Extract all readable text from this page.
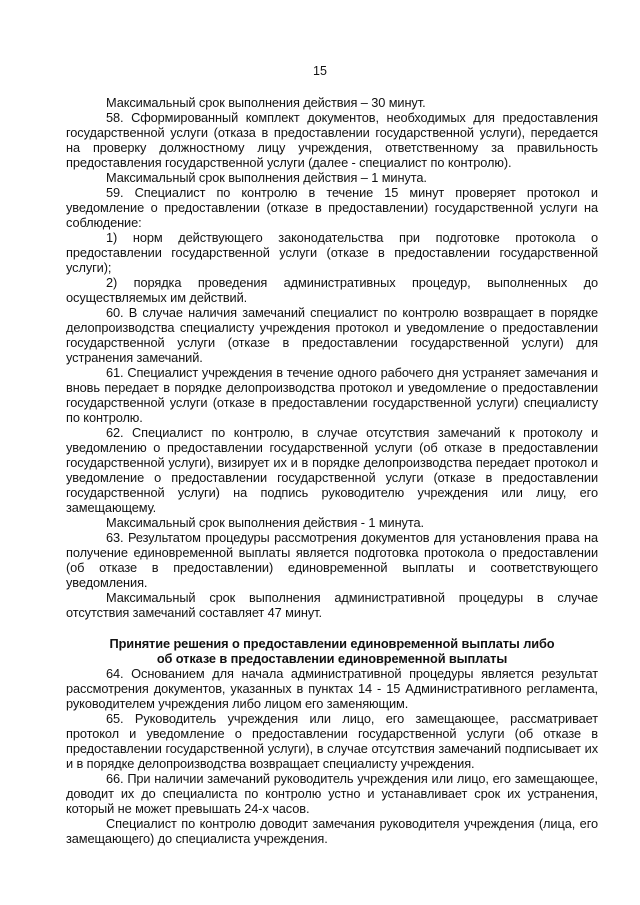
15

Максимальный срок выполнения действия – 30 минут.

58. Сформированный комплект документов, необходимых для предоставления государственной услуги (отказа в предоставлении государственной услуги), передается на проверку должностному лицу учреждения, ответственному за правильность предоставления государственной услуги (далее - специалист по контролю).

Максимальный срок выполнения действия – 1 минута.

59. Специалист по контролю в течение 15 минут проверяет протокол и уведомление о предоставлении (отказе в предоставлении) государственной услуги на соблюдение:

1) норм действующего законодательства при подготовке протокола о предоставлении государственной услуги (отказе в предоставлении государственной услуги);

2) порядка проведения административных процедур, выполненных до осуществляемых им действий.

60. В случае наличия замечаний специалист по контролю возвращает в порядке делопроизводства специалисту учреждения протокол и уведомление о предоставлении государственной услуги (отказе в предоставлении государственной услуги) для устранения замечаний.

61. Специалист учреждения в течение одного рабочего дня устраняет замечания и вновь передает в порядке делопроизводства протокол и уведомление о предоставлении государственной услуги (отказе в предоставлении государственной услуги) специалисту по контролю.

62. Специалист по контролю, в случае отсутствия замечаний к протоколу и уведомлению о предоставлении государственной услуги (об отказе в предоставлении государственной услуги), визирует их и в порядке делопроизводства передает протокол и уведомление о предоставлении государственной услуги (отказе в предоставлении государственной услуги) на подпись руководителю учреждения или лицу, его замещающему.

Максимальный срок выполнения действия - 1 минута.

63. Результатом процедуры рассмотрения документов для установления права на получение единовременной выплаты является подготовка протокола о предоставлении (об отказе в предоставлении) единовременной выплаты и соответствующего уведомления.

Максимальный срок выполнения административной процедуры в случае отсутствия замечаний составляет 47 минут.

Принятие решения о предоставлении единовременной выплаты либо
об отказе в предоставлении единовременной выплаты

64. Основанием для начала административной процедуры является результат рассмотрения документов, указанных в пунктах 14 - 15 Административного регламента, руководителем учреждения либо лицом его заменяющим.

65. Руководитель учреждения или лицо, его замещающее, рассматривает протокол и уведомление о предоставлении государственной услуги (об отказе в предоставлении государственной услуги), в случае отсутствия замечаний подписывает их и в порядке делопроизводства возвращает специалисту учреждения.

66. При наличии замечаний руководитель учреждения или лицо, его замещающее, доводит их до специалиста по контролю устно и устанавливает срок их устранения, который не может превышать 24-х часов.

Специалист по контролю доводит замечания руководителя учреждения (лица, его замещающего) до специалиста учреждения.
